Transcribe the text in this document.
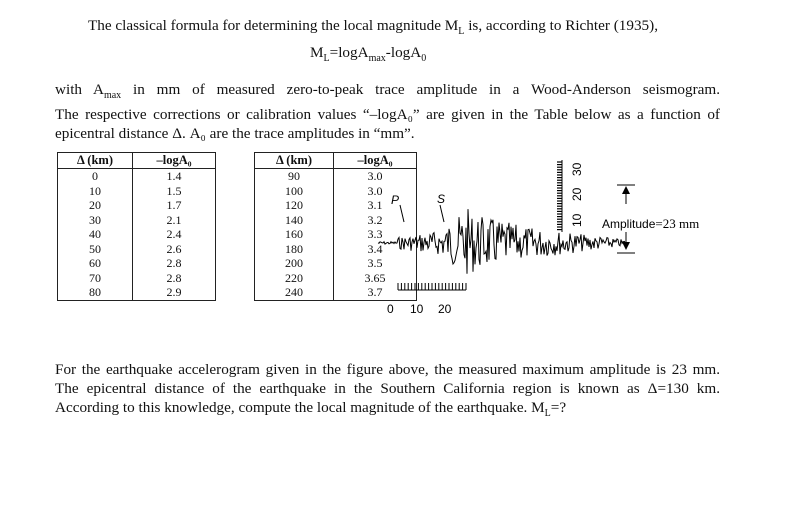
The classical formula for determining the local magnitude $M_L$ is, according to Richter (1935),
$M_L=\log A_{max}-\log A_0$
with $A_{max}$ in mm of measured zero-to-peak trace amplitude in a Wood-Anderson seismogram.
The respective corrections or calibration values “–logA₀” are given in the Table below as a function of
epicentral distance Δ. A₀ are the trace amplitudes in “mm”.
Δ (km)	–logA₀		Δ (km)	–logA₀
0	1.4		90	3.0
10	1.5		100	3.0
20	1.7		120	3.1
30	2.1		140	3.2
40	2.4		160	3.3
50	2.6		180	3.4
60	2.8		200	3.5
70	2.8		220	3.65
80	2.9		240	3.7
10
20
30
Amplitude=23 mm
P	S
0 10 20
For the earthquake accelerogram given in the figure above, the measured maximum amplitude is 23 mm.
The epicentral distance of the earthquake in the Southern California region is known as Δ=130 km.
According to this knowledge, compute the local magnitude of the earthquake. $M_L=$?
